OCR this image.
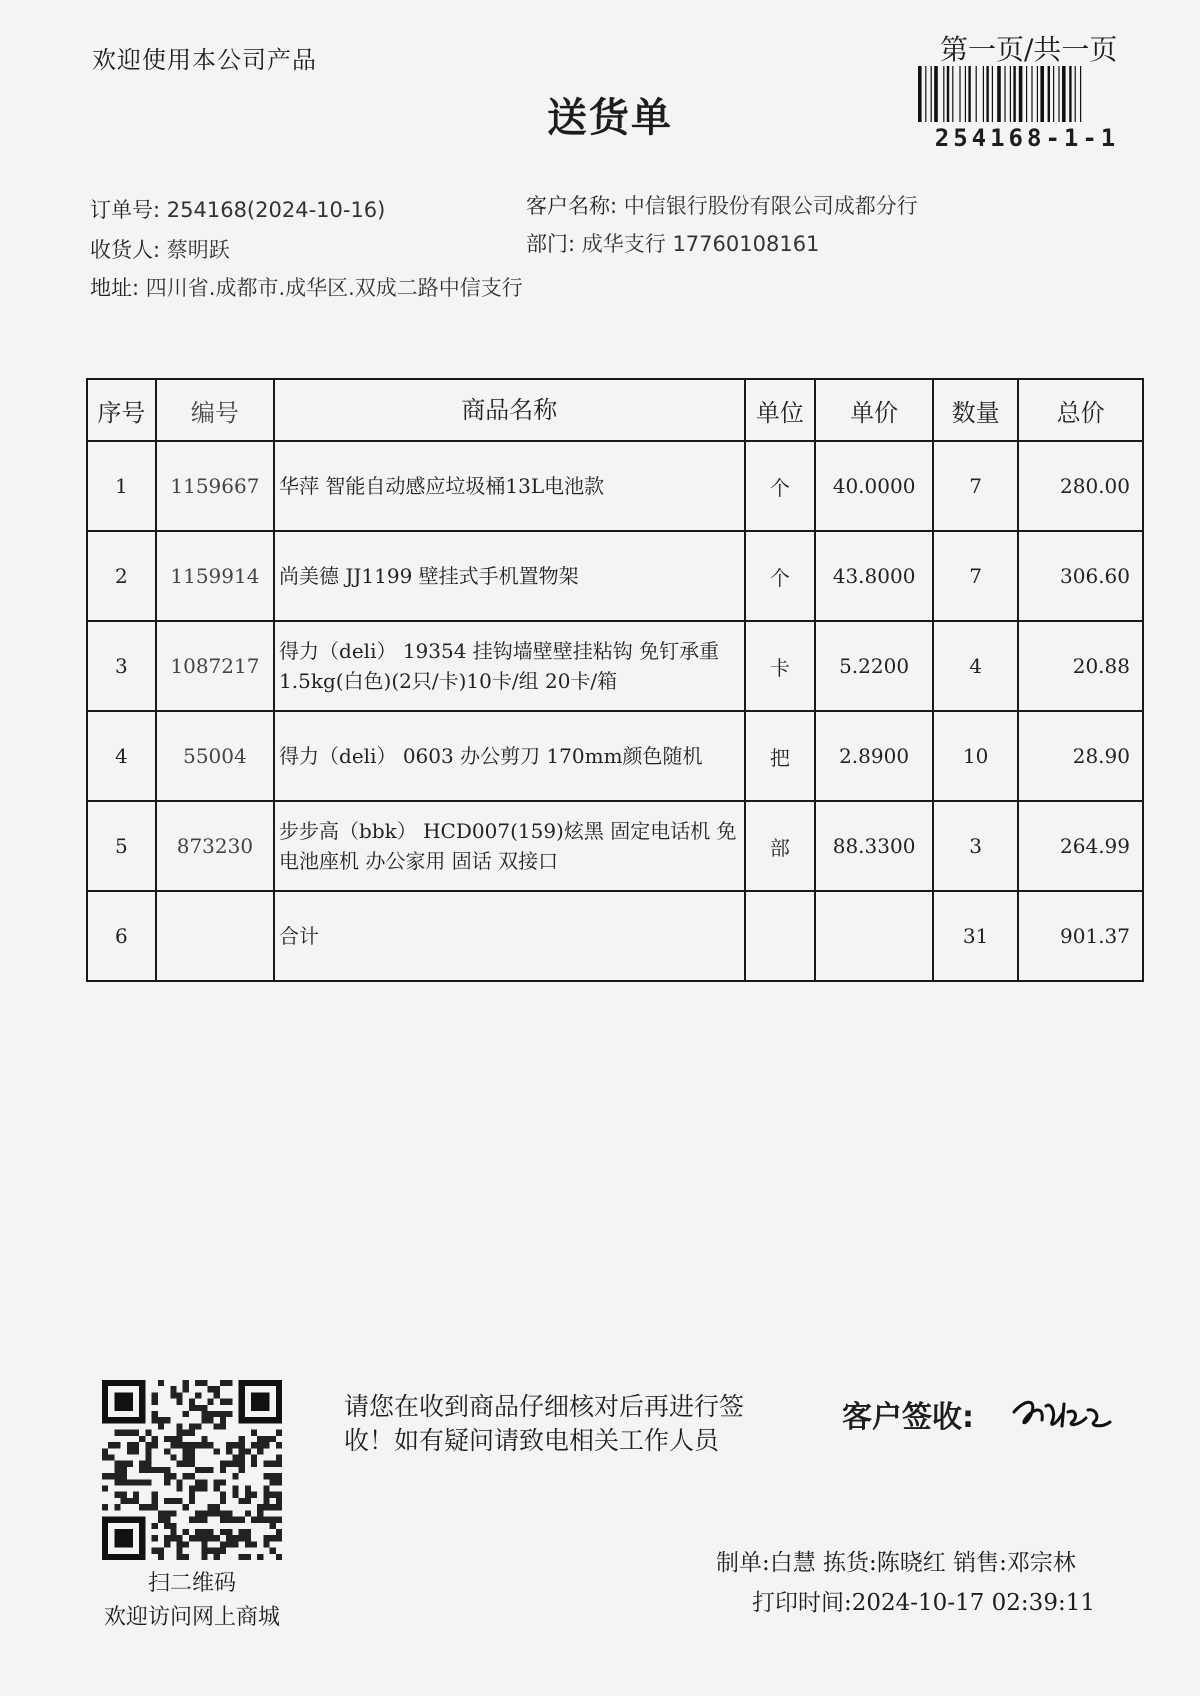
欢迎使用本公司产品	第一页/共一页
254168-1-1
送货单
订单号: 254168(2024-10-16)
收货人: 蔡明跃
地址: 四川省.成都市.成华区.双成二路中信支行
客户名称: 中信银行股份有限公司成都分行
部门: 成华支行 17760108161
序号	编号	商品名称	单位	单价	数量	总价
1	1159667	华萍 智能自动感应垃圾桶13L电池款	个	40.0000	7	280.00
2	1159914	尚美德 JJ1199 壁挂式手机置物架	个	43.8000	7	306.60
3	1087217	得力（deli） 19354 挂钩墙壁壁挂粘钩 免钉承重1.5kg(白色)(2只/卡)10卡/组 20卡/箱	卡	5.2200	4	20.88
4	55004	得力（deli） 0603 办公剪刀 170mm颜色随机	把	2.8900	10	28.90
5	873230	步步高（bbk） HCD007(159)炫黑 固定电话机 免电池座机 办公家用 固话 双接口	部	88.3300	3	264.99
6		合计			31	901.37
扫二维码
欢迎访问网上商城
请您在收到商品仔细核对后再进行签收！如有疑问请致电相关工作人员
客户签收:
制单:白慧 拣货:陈晓红 销售:邓宗林
打印时间:2024-10-17 02:39:11
